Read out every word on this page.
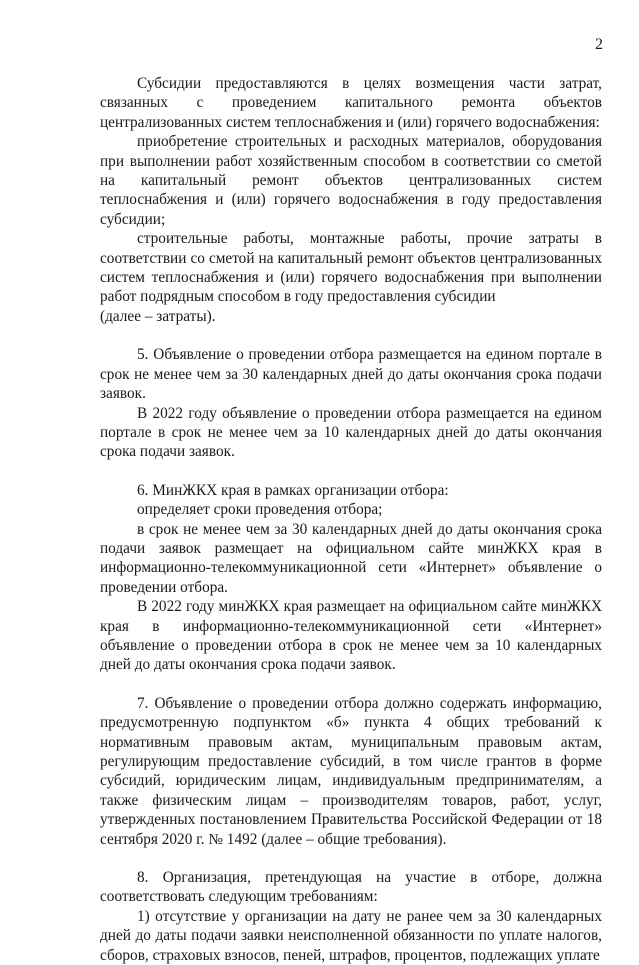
2

Субсидии предоставляются в целях возмещения части затрат, связанных с проведением капитального ремонта объектов централизованных систем теплоснабжения и (или) горячего водоснабжения:

приобретение строительных и расходных материалов, оборудования при выполнении работ хозяйственным способом в соответствии со сметой на капитальный ремонт объектов централизованных систем теплоснабжения и (или) горячего водоснабжения в году предоставления субсидии;

строительные работы, монтажные работы, прочие затраты в соответствии со сметой на капитальный ремонт объектов централизованных систем теплоснабжения и (или) горячего водоснабжения при выполнении работ подрядным способом в году предоставления субсидии

(далее – затраты).

5. Объявление о проведении отбора размещается на едином портале в срок не менее чем за 30 календарных дней до даты окончания срока подачи заявок.

В 2022 году объявление о проведении отбора размещается на едином портале в срок не менее чем за 10 календарных дней до даты окончания срока подачи заявок.

6. МинЖКХ края в рамках организации отбора:

определяет сроки проведения отбора;

в срок не менее чем за 30 календарных дней до даты окончания срока подачи заявок размещает на официальном сайте минЖКХ края в информационно-телекоммуникационной сети «Интернет» объявление о проведении отбора.

В 2022 году минЖКХ края размещает на официальном сайте минЖКХ края в информационно-телекоммуникационной сети «Интернет» объявление о проведении отбора в срок не менее чем за 10 календарных дней до даты окончания срока подачи заявок.

7. Объявление о проведении отбора должно содержать информацию, предусмотренную подпунктом «б» пункта 4 общих требований к нормативным правовым актам, муниципальным правовым актам, регулирующим предоставление субсидий, в том числе грантов в форме субсидий, юридическим лицам, индивидуальным предпринимателям, а также физическим лицам – производителям товаров, работ, услуг, утвержденных постановлением Правительства Российской Федерации от 18 сентября 2020 г. № 1492 (далее – общие требования).

8. Организация, претендующая на участие в отборе, должна соответствовать следующим требованиям:

1) отсутствие у организации на дату не ранее чем за 30 календарных дней до даты подачи заявки неисполненной обязанности по уплате налогов, сборов, страховых взносов, пеней, штрафов, процентов, подлежащих уплате
